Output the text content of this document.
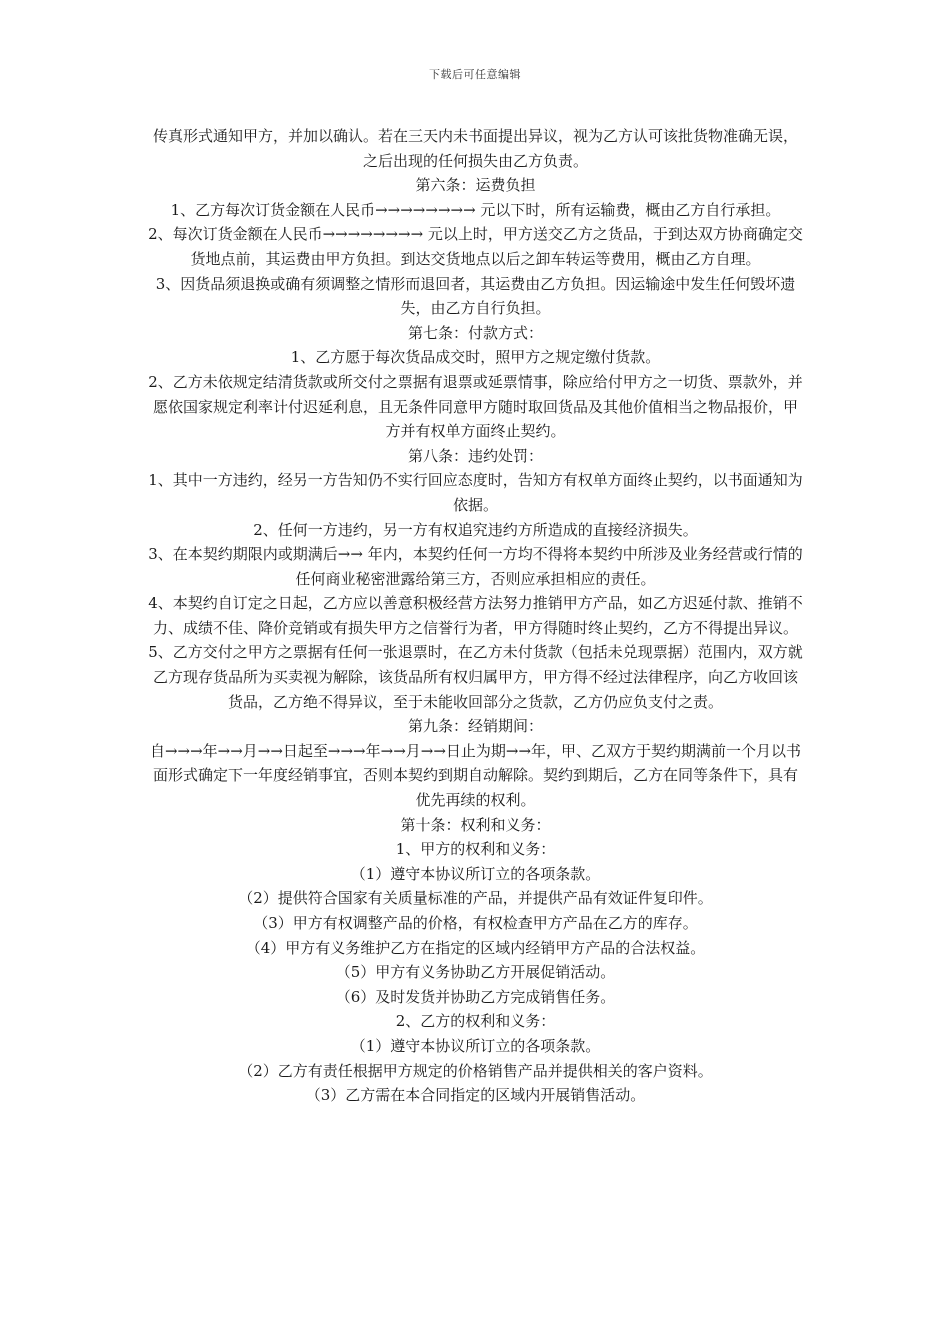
下载后可任意编辑

传真形式通知甲方，并加以确认。若在三天内未书面提出异议，视为乙方认可该批货物准确无误，之后出现的任何损失由乙方负责。

第六条：运费负担

1、乙方每次订货金额在人民币→→→→→→→→ 元以下时，所有运输费，概由乙方自行承担。

2、每次订货金额在人民币→→→→→→→→ 元以上时，甲方送交乙方之货品，于到达双方协商确定交货地点前，其运费由甲方负担。到达交货地点以后之卸车转运等费用，概由乙方自理。

3、因货品须退换或确有须调整之情形而退回者，其运费由乙方负担。因运输途中发生任何毁坏遗失，由乙方自行负担。

第七条：付款方式：

1、乙方愿于每次货品成交时，照甲方之规定缴付货款。

2、乙方未依规定结清货款或所交付之票据有退票或延票情事，除应给付甲方之一切货、票款外，并愿依国家规定利率计付迟延利息，且无条件同意甲方随时取回货品及其他价值相当之物品报价，甲方并有权单方面终止契约。

第八条：违约处罚：

1、其中一方违约，经另一方告知仍不实行回应态度时，告知方有权单方面终止契约，以书面通知为依据。

2、任何一方违约，另一方有权追究违约方所造成的直接经济损失。

3、在本契约期限内或期满后→→ 年内，本契约任何一方均不得将本契约中所涉及业务经营或行情的任何商业秘密泄露给第三方，否则应承担相应的责任。

4、本契约自订定之日起，乙方应以善意积极经营方法努力推销甲方产品，如乙方迟延付款、推销不力、成绩不佳、降价竞销或有损失甲方之信誉行为者，甲方得随时终止契约，乙方不得提出异议。

5、乙方交付之甲方之票据有任何一张退票时，在乙方未付货款（包括未兑现票据）范围内，双方就乙方现存货品所为买卖视为解除，该货品所有权归属甲方，甲方得不经过法律程序，向乙方收回该货品，乙方绝不得异议，至于未能收回部分之货款，乙方仍应负支付之责。

第九条：经销期间：

自→→→年→→月→→日起至→→→年→→月→→日止为期→→年，甲、乙双方于契约期满前一个月以书面形式确定下一年度经销事宜，否则本契约到期自动解除。契约到期后，乙方在同等条件下，具有优先再续的权利。

第十条：权利和义务：

1、甲方的权利和义务：

（1）遵守本协议所订立的各项条款。

（2）提供符合国家有关质量标准的产品，并提供产品有效证件复印件。

（3）甲方有权调整产品的价格，有权检查甲方产品在乙方的库存。

（4）甲方有义务维护乙方在指定的区域内经销甲方产品的合法权益。

（5）甲方有义务协助乙方开展促销活动。

（6）及时发货并协助乙方完成销售任务。

2、乙方的权利和义务：

（1）遵守本协议所订立的各项条款。

（2）乙方有责任根据甲方规定的价格销售产品并提供相关的客户资料。

（3）乙方需在本合同指定的区域内开展销售活动。
